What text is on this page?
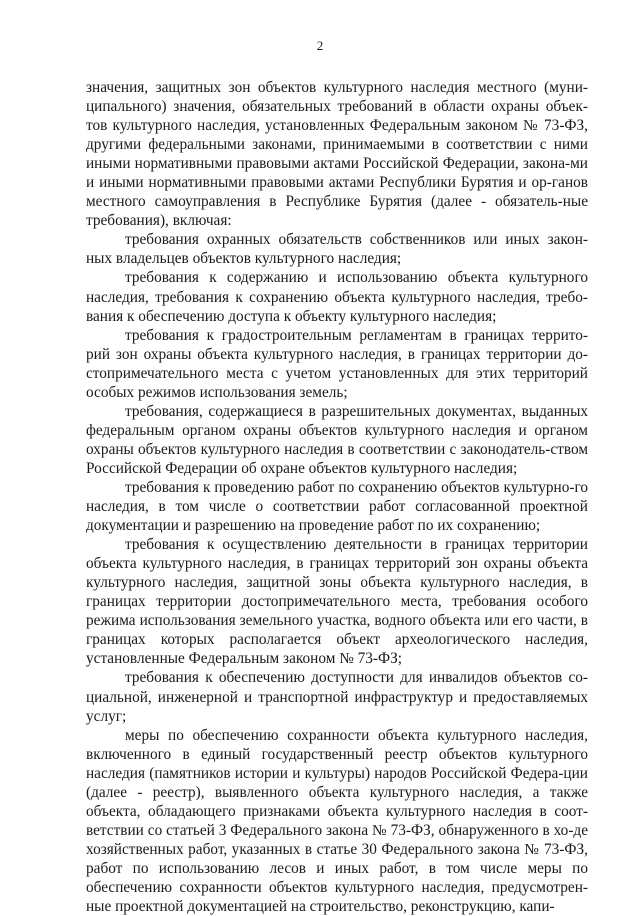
2

значения, защитных зон объектов культурного наследия местного (муни-ципального) значения, обязательных требований в области охраны объек-тов культурного наследия, установленных Федеральным законом № 73-ФЗ, другими федеральными законами, принимаемыми в соответствии с ними иными нормативными правовыми актами Российской Федерации, закона-ми и иными нормативными правовыми актами Республики Бурятия и ор-ганов местного самоуправления в Республике Бурятия (далее - обязатель-ные требования), включая:

требования охранных обязательств собственников или иных закон-ных владельцев объектов культурного наследия;

требования к содержанию и использованию объекта культурного наследия, требования к сохранению объекта культурного наследия, требо-вания к обеспечению доступа к объекту культурного наследия;

требования к градостроительным регламентам в границах террито-рий зон охраны объекта культурного наследия, в границах территории до-стопримечательного места с учетом установленных для этих территорий особых режимов использования земель;

требования, содержащиеся в разрешительных документах, выданных федеральным органом охраны объектов культурного наследия и органом охраны объектов культурного наследия в соответствии с законодатель-ством Российской Федерации об охране объектов культурного наследия;

требования к проведению работ по сохранению объектов культурно-го наследия, в том числе о соответствии работ согласованной проектной документации и разрешению на проведение работ по их сохранению;

требования к осуществлению деятельности в границах территории объекта культурного наследия, в границах территорий зон охраны объекта культурного наследия, защитной зоны объекта культурного наследия, в границах территории достопримечательного места, требования особого режима использования земельного участка, водного объекта или его части, в границах которых располагается объект археологического наследия, установленные Федеральным законом № 73-ФЗ;

требования к обеспечению доступности для инвалидов объектов со-циальной, инженерной и транспортной инфраструктур и предоставляемых услуг;

меры по обеспечению сохранности объекта культурного наследия, включенного в единый государственный реестр объектов культурного наследия (памятников истории и культуры) народов Российской Федера-ции (далее - реестр), выявленного объекта культурного наследия, а также объекта, обладающего признаками объекта культурного наследия в соот-ветствии со статьей 3 Федерального закона № 73-ФЗ, обнаруженного в хо-де хозяйственных работ, указанных в статье 30 Федерального закона № 73-ФЗ, работ по использованию лесов и иных работ, в том числе меры по обеспечению сохранности объектов культурного наследия, предусмотрен-ные проектной документацией на строительство, реконструкцию, капи-
